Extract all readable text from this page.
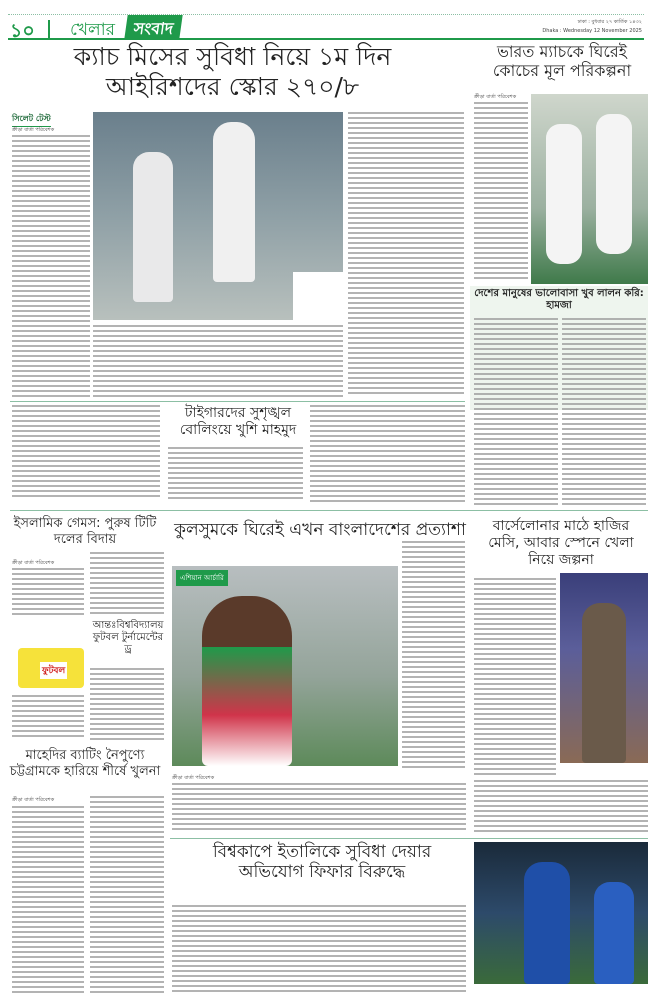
১০ খেলার	সংবাদ	ঢাকা : বুধবার ২৭ কার্তিক ১৪৩২
Dhaka : Wednesday 12 November 2025
ক্যাচ মিসের সুবিধা নিয়ে ১ম দিন
আইরিশদের স্কোর ২৭০/৮
সিলেট টেস্ট
ক্রীড়া বার্তা পরিবেশক
ভারত ম্যাচকে ঘিরেই কোচের মূল পরিকল্পনা
ক্রীড়া বার্তা পরিবেশক
দেশের মানুষের ভালোবাসা খুব লালন করি: হামজা
টাইগারদের সুশৃঙ্খল বোলিংয়ে খুশি মাহমুদ
ইসলামিক গেমস: পুরুষ টিটি দলের বিদায়
ক্রীড়া বার্তা পরিবেশক
ফুটবল
আন্তঃবিশ্ববিদ্যালয় ফুটবল টুর্নামেন্টের ড্র
মাহেদির ব্যাটিং নৈপুণ্যে চট্টগ্রামকে হারিয়ে শীর্ষে খুলনা
ক্রীড়া বার্তা পরিবেশক
কুলসুমকে ঘিরেই এখন বাংলাদেশের প্রত্যাশা
এশিয়ান আর্চারি
ক্রীড়া বার্তা পরিবেশক
বার্সেলোনার মাঠে হাজির মেসি, আবার স্পেনে খেলা নিয়ে জল্পনা
বিশ্বকাপে ইতালিকে সুবিধা দেয়ার
অভিযোগ ফিফার বিরুদ্ধে
